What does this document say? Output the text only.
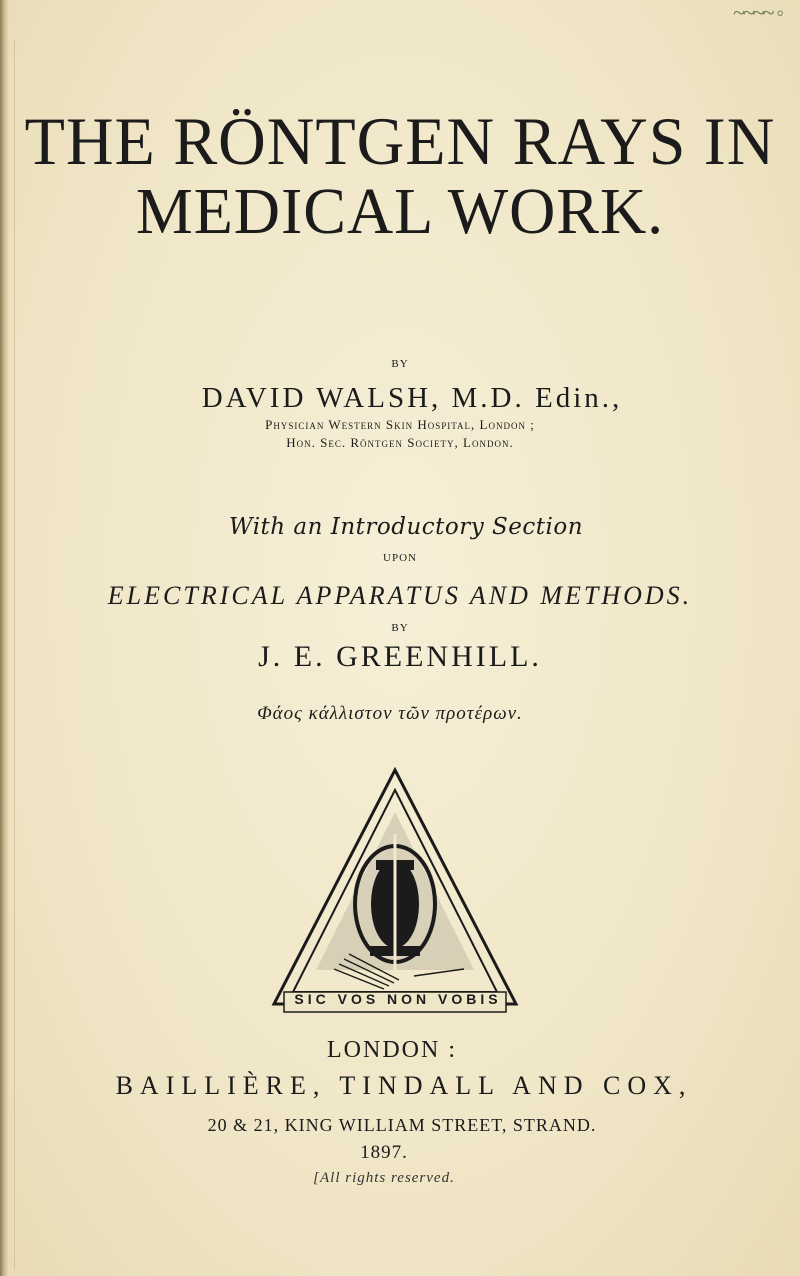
~~~~ ◦
THE RÖNTGEN RAYS IN
MEDICAL WORK.
BY
DAVID WALSH, M.D. Edin.,
Physician Western Skin Hospital, London ;
Hon. Sec. Röntgen Society, London.
With an Introductory Section
UPON
ELECTRICAL APPARATUS AND METHODS.
BY
J. E. GREENHILL.
Φάος κάλλιστον τῶν προτέρων.
SIC VOS NON VOBIS
LONDON :
BAILLIÈRE, TINDALL AND COX,
20 & 21, KING WILLIAM STREET, STRAND.
1897.
[All rights reserved.
